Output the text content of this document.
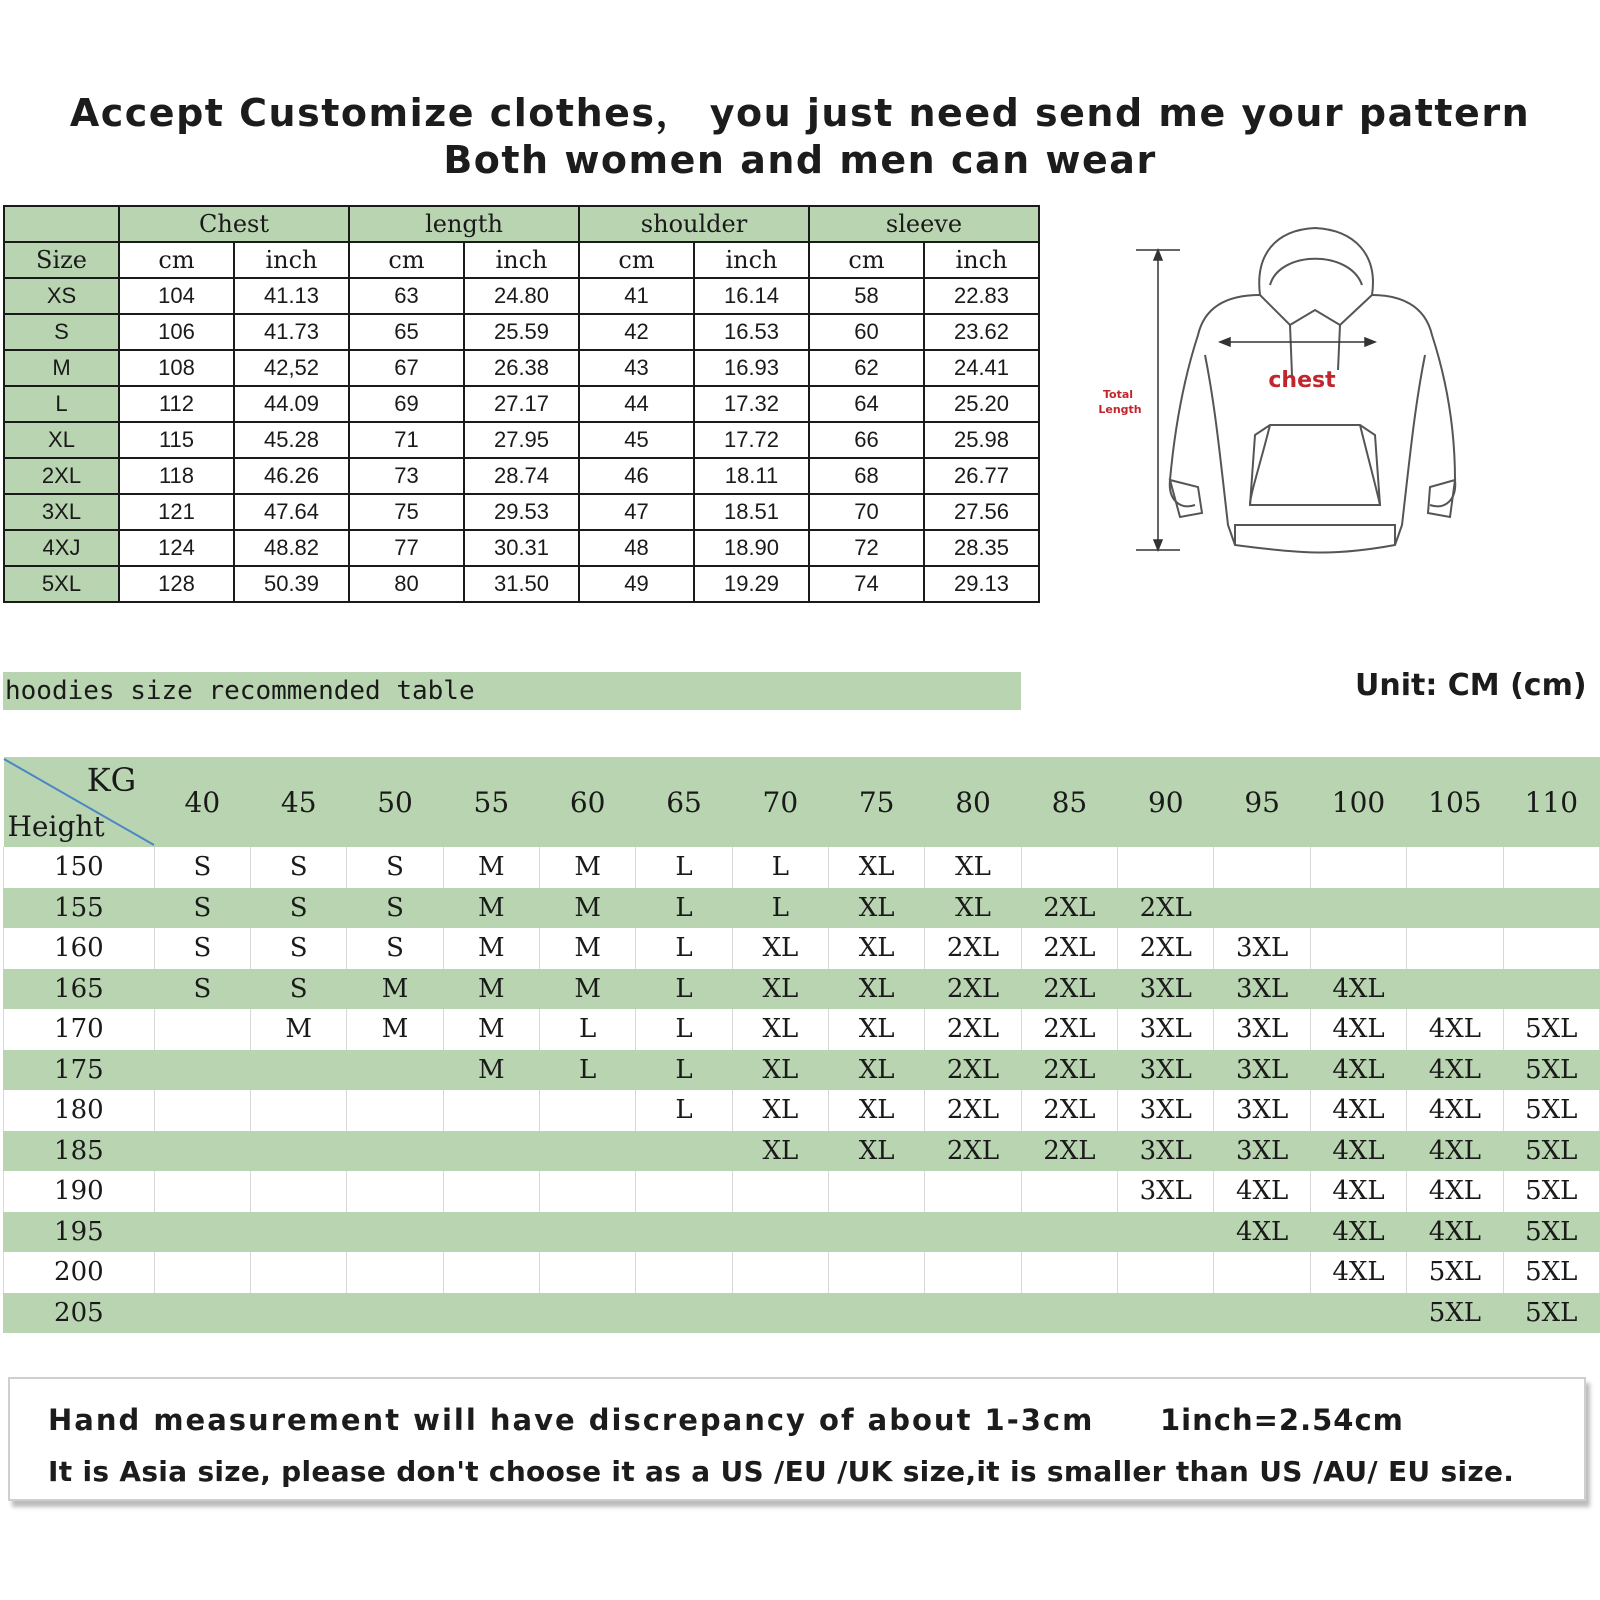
Accept Customize clothes， you just need send me your pattern
Both women and men can wear
	Chest		length		shoulder		sleeve	
Size	cm	inch	cm	inch	cm	inch	cm	inch
XS	104	41.13	63	24.80	41	16.14	58	22.83
S	106	41.73	65	25.59	42	16.53	60	23.62
M	108	42,52	67	26.38	43	16.93	62	24.41
L	112	44.09	69	27.17	44	17.32	64	25.20
XL	115	45.28	71	27.95	45	17.72	66	25.98
2XL	118	46.26	73	28.74	46	18.11	68	26.77
3XL	121	47.64	75	29.53	47	18.51	70	27.56
4XJ	124	48.82	77	30.31	48	18.90	72	28.35
5XL	128	50.39	80	31.50	49	19.29	74	29.13
chest
Total
Length
hoodies size recommended table	Unit: CM (cm)
KG
Height	40	45	50	55	60	65	70	75	80	85	90	95	100	105	110
150	S	S	S	M	M	L	L	XL	XL						
155	S	S	S	M	M	L	L	XL	XL	2XL	2XL				
160	S	S	S	M	M	L	XL	XL	2XL	2XL	2XL	3XL			
165	S	S	M	M	M	L	XL	XL	2XL	2XL	3XL	3XL	4XL		
170		M	M	M	L	L	XL	XL	2XL	2XL	3XL	3XL	4XL	4XL	5XL
175				M	L	L	XL	XL	2XL	2XL	3XL	3XL	4XL	4XL	5XL
180						L	XL	XL	2XL	2XL	3XL	3XL	4XL	4XL	5XL
185							XL	XL	2XL	2XL	3XL	3XL	4XL	4XL	5XL
190											3XL	4XL	4XL	4XL	5XL
195												4XL	4XL	4XL	5XL
200													4XL	5XL	5XL
205														5XL	5XL
Hand measurement will have discrepancy of about 1-3cm 1inch=2.54cm
It is Asia size, please don't choose it as a US /EU /UK size,it is smaller than US /AU/ EU size.
